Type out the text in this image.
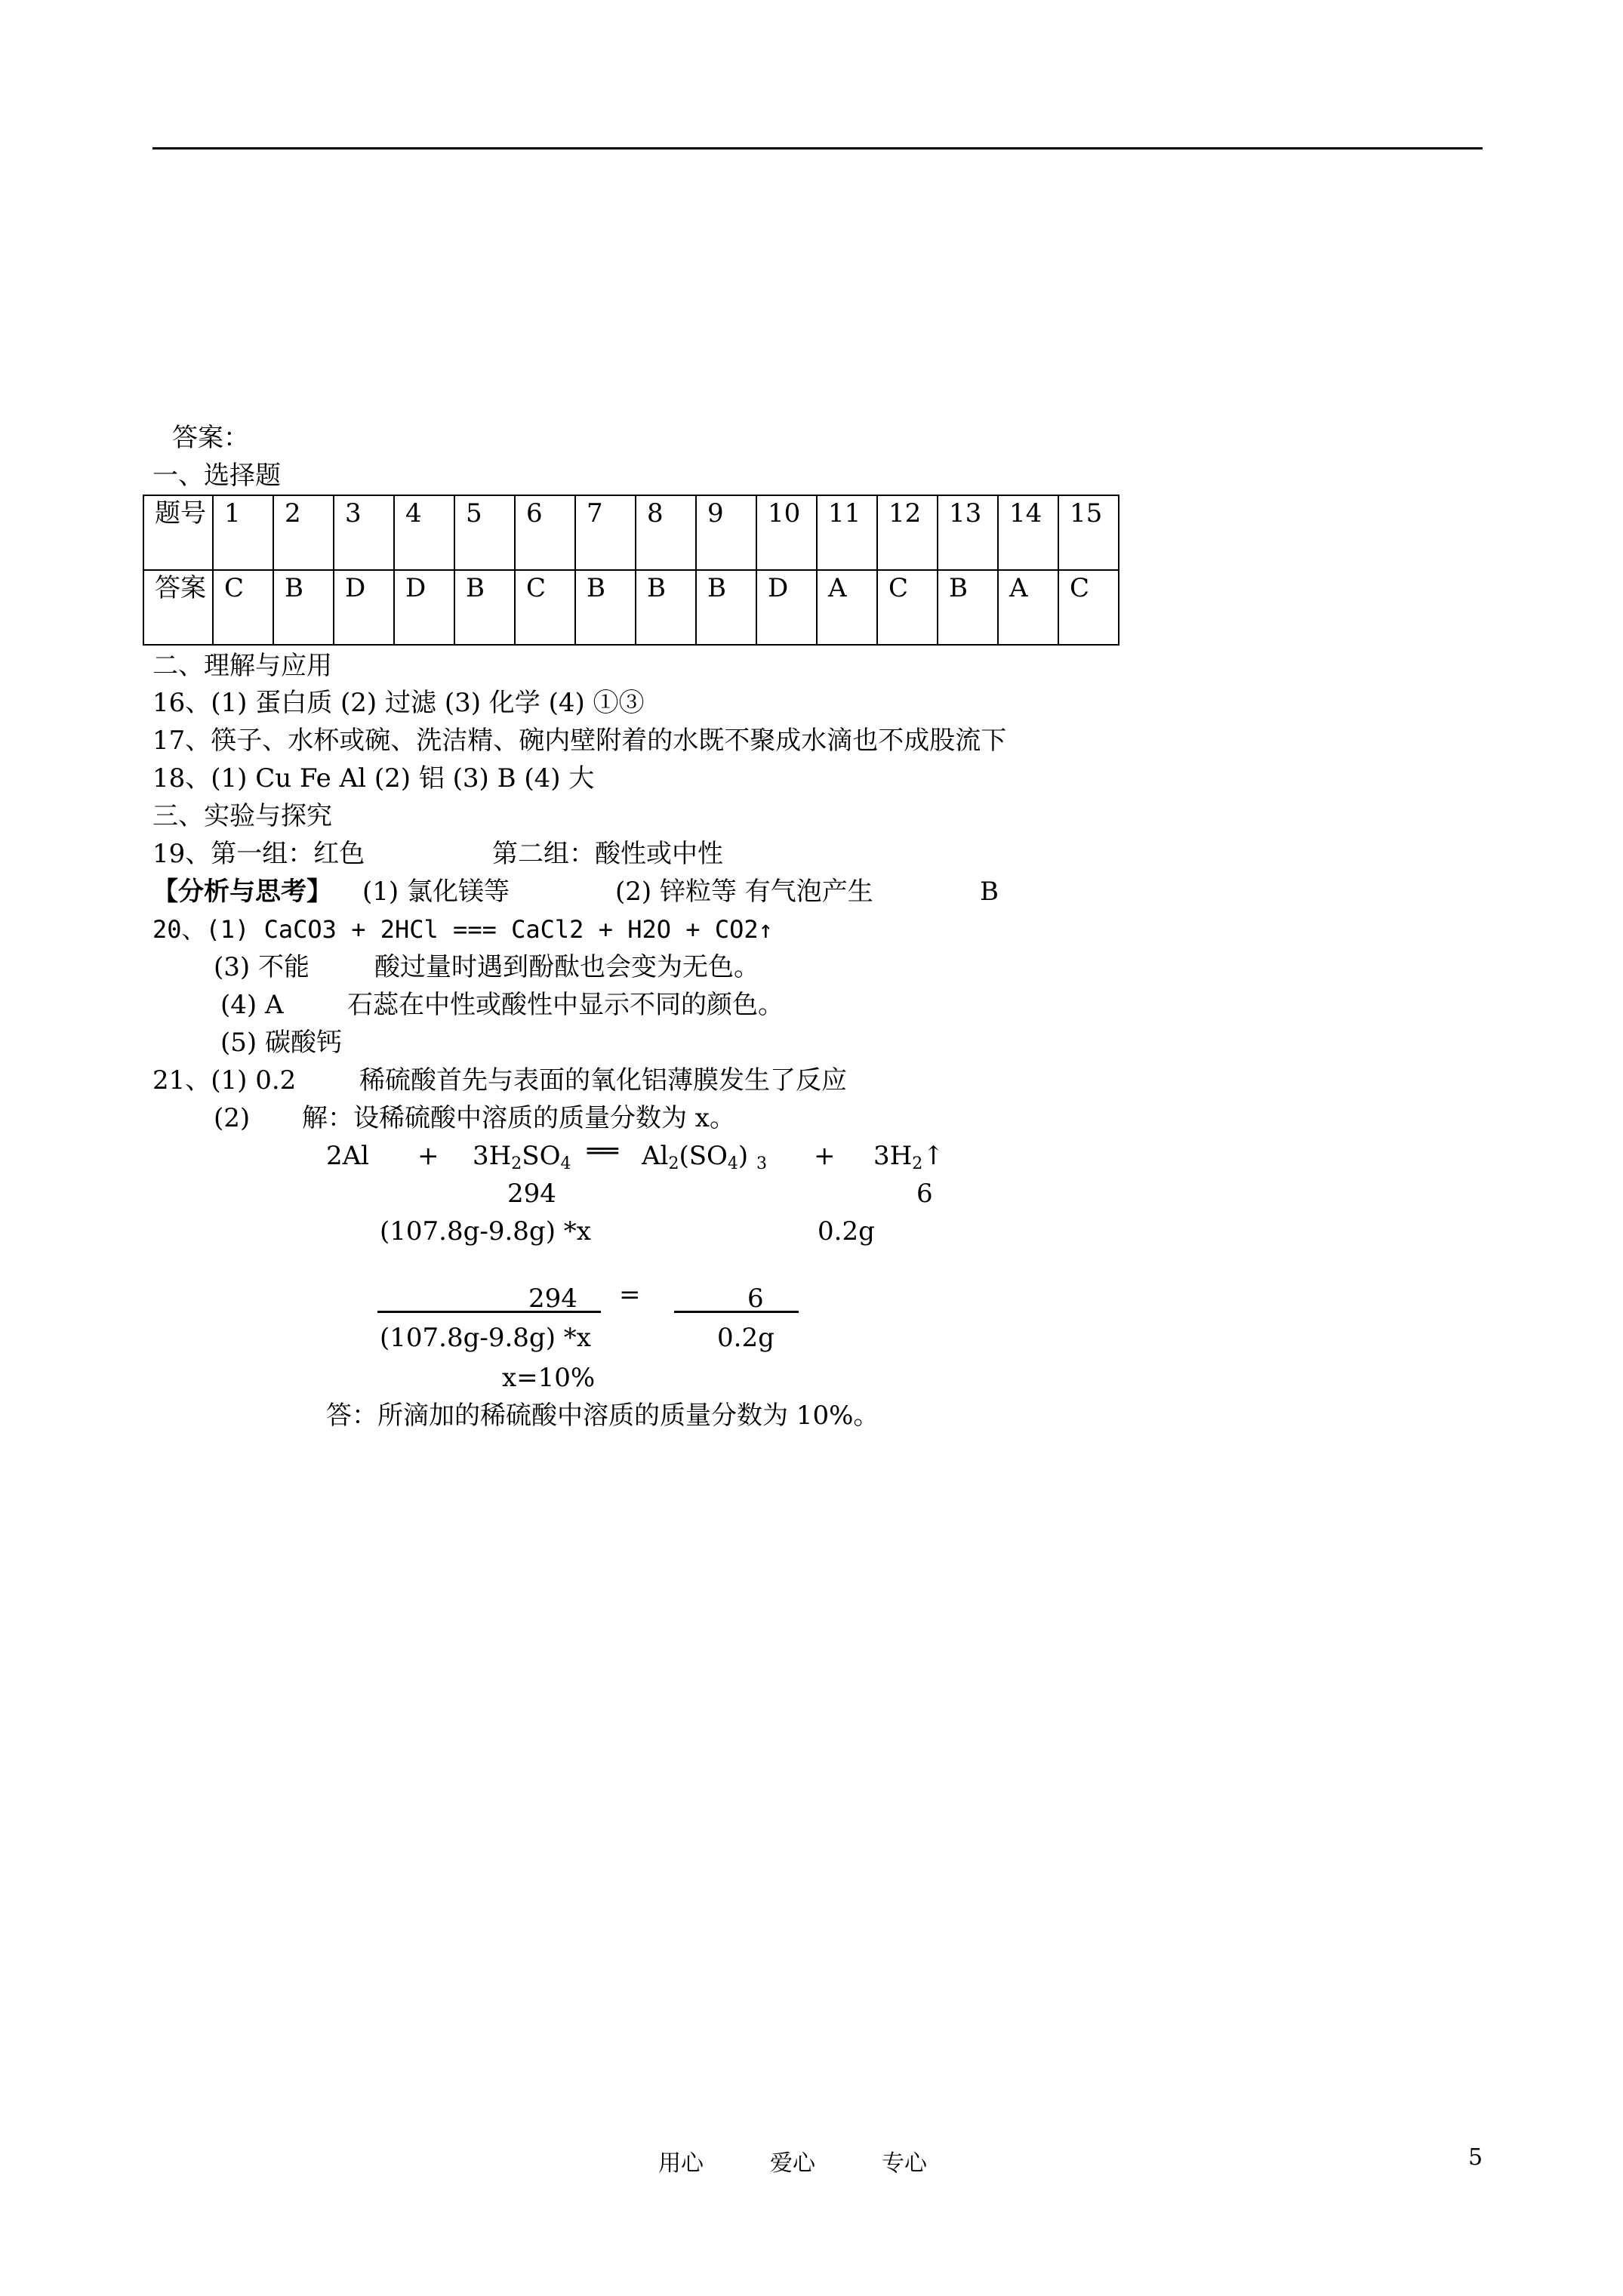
答案：
一、选择题
题号	1	2	3	4	5	6	7	8	9	10	11	12	13	14	15
答案	C	B	D	D	B	C	B	B	B	D	A	C	B	A	C
二、理解与应用
16、(1) 蛋白质 (2) 过滤 (3) 化学 (4) ①③
17、筷子、水杯或碗、洗洁精、碗内壁附着的水既不聚成水滴也不成股流下
18、(1) Cu Fe Al (2) 铝 (3) B (4) 大
三、实验与探究
19、第一组：红色	第二组：酸性或中性
【分析与思考】 (1) 氯化镁等	(2) 锌粒等 有气泡产生	B
20、(1) CaCO3 + 2HCl === CaCl2 + H2O + CO2↑
(3) 不能	酸过量时遇到酚酞也会变为无色。
(4) A 石蕊在中性或酸性中显示不同的颜色。
(5) 碳酸钙
21、(1) 0.2 稀硫酸首先与表面的氧化铝薄膜发生了反应
(2) 解：设稀硫酸中溶质的质量分数为 x。
$2Al + 3H_2SO_4$ ══ $Al_2(SO_4) _3$ + $3H_2↑$
294	6
(107.8g-9.8g) *x	0.2g
294 =	6
(107.8g-9.8g) *x	0.2g
x=10%
答：所滴加的稀硫酸中溶质的质量分数为 10%。
用心	爱心	专心	5
